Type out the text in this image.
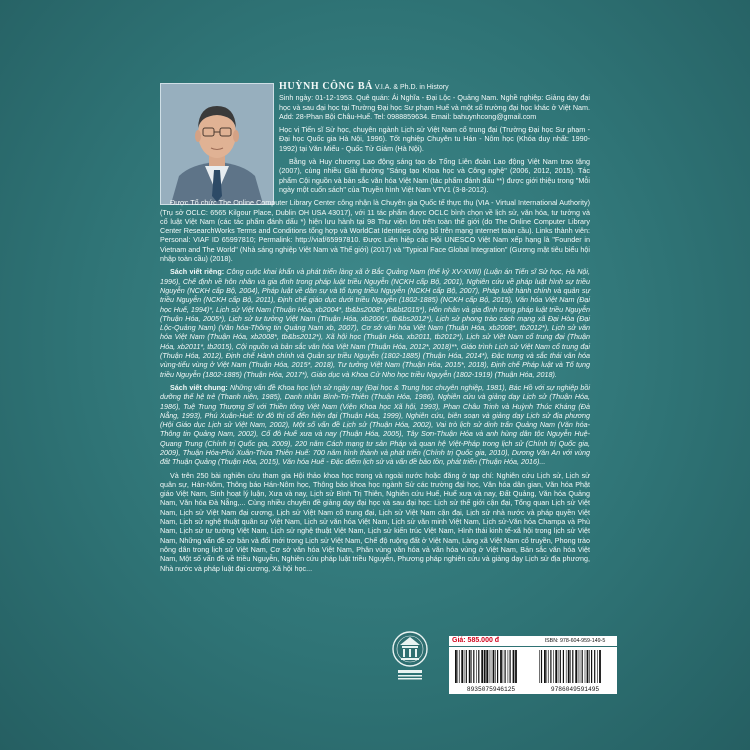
HUỲNH CÔNG BÁ V.I.A. & Ph.D. in History

Sinh ngày: 01-12-1953. Quê quán: Ái Nghĩa - Đại Lộc - Quảng Nam. Nghề nghiệp: Giảng dạy đại học và sau đại học tại Trường Đại học Sư phạm Huế và một số trường đại học khác ở Việt Nam. Add: 28-Phan Bội Châu-Huế. Tel: 0988859634. Email: bahuynhcong@gmail.com

Học vị Tiến sĩ Sử học, chuyên ngành Lịch sử Việt Nam cổ trung đại (Trường Đại học Sư phạm - Đại học Quốc gia Hà Nội, 1996). Tốt nghiệp Chuyên tu Hán - Nôm học (Khóa duy nhất: 1990-1992) tại Văn Miếu - Quốc Tử Giám (Hà Nội).

Bằng và Huy chương Lao động sáng tạo do Tổng Liên đoàn Lao động Việt Nam trao tặng (2007), cùng nhiều Giải thưởng "Sáng tạo Khoa học và Công nghệ" (2006, 2012, 2015). Tác phẩm Cội nguồn và bản sắc văn hóa Việt Nam (tác phẩm đánh dấu **) được giới thiệu trong "Mỗi ngày một cuốn sách" của Truyền hình Việt Nam VTV1 (3-8-2012).

Được Tổ chức The Online Computer Library Center công nhận là Chuyên gia Quốc tế thực thụ (VIA - Virtual International Authority) (Trụ sở OCLC: 6565 Kilgour Place, Dublin OH USA 43017), với 11 tác phẩm được OCLC bình chọn về lịch sử, văn hóa, tư tưởng và cổ luật Việt Nam (các tác phẩm đánh dấu *) hiện lưu hành tại 98 Thư viện lớn trên toàn thế giới (do The Online Computer Library Center ResearchWorks Terms and Conditions tổng hợp và WorldCat Identities công bố trên mạng internet toàn cầu). Links thành viên: Personal: VIAF ID 65997810; Permalink: http://viaf/65997810. Được Liên hiệp các Hội UNESCO Việt Nam xếp hạng là "Founder in Vietnam and The World" (Nhà sáng nghiệp Việt Nam và Thế giới) (2017) và "Typical Face Global Integration" (Gương mặt tiêu biểu hội nhập toàn cầu) (2018).

Sách viết riêng: Công cuộc khai khẩn và phát triển làng xã ở Bắc Quảng Nam (thế kỷ XV-XVIII) (Luận án Tiến sĩ Sử học, Hà Nội, 1996), Chế định về hôn nhân và gia đình trong pháp luật triều Nguyễn (NCKH cấp Bộ, 2001), Nghiên cứu về pháp luật hình sự triều Nguyễn (NCKH cấp Bộ, 2004), Pháp luật về dân sự và tố tụng triều Nguyễn (NCKH cấp Bộ, 2007), Pháp luật hành chính và quản sự triều Nguyễn (NCKH cấp Bộ, 2011), Định chế giáo dục dưới triều Nguyễn (1802-1885) (NCKH cấp Bộ, 2015), Văn hóa Việt Nam (Đại học Huế, 1994)*, Lịch sử Việt Nam (Thuận Hóa, xb2004*, tb&bs2008*, tb&bt2015*), Hôn nhân và gia đình trong pháp luật triều Nguyễn (Thuận Hóa, 2005*), Lịch sử tư tưởng Việt Nam (Thuận Hóa, xb2006*, tb&bs2012*), Lịch sử phong trào cách mạng xã Đại Hòa (Đại Lộc-Quảng Nam) (Văn hóa-Thông tin Quảng Nam xb, 2007), Cơ sở văn hóa Việt Nam (Thuận Hóa, xb2008*, tb2012*), Lịch sử văn hóa Việt Nam (Thuận Hóa, xb2008*, tb&bs2012*), Xã hội học (Thuận Hóa, xb2011, tb2012*), Lịch sử Việt Nam cổ trung đại (Thuận Hóa, xb2011*, tb2015), Cội nguồn và bản sắc văn hóa Việt Nam (Thuận Hóa, 2012*, 2018)**, Giáo trình Lịch sử Việt Nam cổ trung đại (Thuận Hóa, 2012), Định chế Hành chính và Quản sự triều Nguyễn (1802-1885) (Thuận Hóa, 2014*), Đặc trưng và sắc thái văn hóa vùng-tiểu vùng ở Việt Nam (Thuận Hóa, 2015*, 2018), Tư tưởng Việt Nam (Thuận Hóa, 2015*, 2018), Định chế Pháp luật và Tố tụng triều Nguyễn (1802-1885) (Thuận Hóa, 2017*), Giáo dục và Khoa Cử Nho học triều Nguyễn (1802-1919) (Thuận Hóa, 2018).

Sách viết chung: Những vấn đề Khoa học lịch sử ngày nay (Đại học & Trung học chuyên nghiệp, 1981), Bác Hồ với sự nghiệp bồi dưỡng thế hệ trẻ (Thanh niên, 1985), Danh nhân Bình-Trị-Thiên (Thuận Hóa, 1986), Nghiên cứu và giảng dạy Lịch sử (Thuận Hóa, 1986), Tuệ Trung Thượng Sĩ với Thiền tông Việt Nam (Viện Khoa học Xã hội, 1993), Phan Châu Trinh và Huỳnh Thúc Kháng (Đà Nẵng, 1993), Phú Xuân-Huế: từ đô thị cổ đến hiện đại (Thuận Hóa, 1999), Nghiên cứu, biên soạn và giảng dạy Lịch sử địa phương (Hội Giáo dục Lịch sử Việt Nam, 2002), Một số vấn đề Lịch sử (Thuận Hóa, 2002), Vai trò lịch sử dinh trấn Quảng Nam (Văn hóa-Thông tin Quảng Nam, 2002), Cố đô Huế xưa và nay (Thuận Hóa, 2005), Tây Sơn-Thuận Hóa và anh hùng dân tộc Nguyễn Huệ-Quang Trung (Chính trị Quốc gia, 2009), 220 năm Cách mạng tư sản Pháp và quan hệ Việt-Pháp trong lịch sử (Chính trị Quốc gia, 2009), Thuận Hóa-Phú Xuân-Thừa Thiên Huế: 700 năm hình thành và phát triển (Chính trị Quốc gia, 2010), Dương Văn An với vùng đất Thuận Quảng (Thuận Hóa, 2015), Văn hóa Huế - Đặc điểm lịch sử và vấn đề bảo tồn, phát triển (Thuận Hóa, 2016)...

Và trên 250 bài nghiên cứu tham gia Hội thảo khoa học trong và ngoài nước hoặc đăng ở tạp chí: Nghiên cứu Lịch sử, Lịch sử quân sự, Hán-Nôm, Thông báo Hán-Nôm học, Thông báo khoa học ngành Sử các trường đại học, Văn hóa dân gian, Văn hóa Phật giáo Việt Nam, Sinh hoạt lý luận, Xưa và nay, Lịch sử Bình Trị Thiên, Nghiên cứu Huế, Huế xưa và nay, Đất Quảng, Văn hóa Quảng Nam, Văn hóa Đà Nẵng,... Cùng nhiều chuyên đề giảng dạy đại học và sau đại học: Lịch sử thế giới cận đại, Tổng quan Lịch sử Việt Nam, Lịch sử Việt Nam đại cương, Lịch sử Việt Nam cổ trung đại, Lịch sử Việt Nam cận đại, Lịch sử nhà nước và pháp quyền Việt Nam, Lịch sử nghệ thuật quân sự Việt Nam, Lịch sử văn hóa Việt Nam, Lịch sử văn minh Việt Nam, Lịch sử-Văn hóa Champa và Phù Nam, Lịch sử tư tưởng Việt Nam, Lịch sử nghệ thuật Việt Nam, Lịch sử kiến trúc Việt Nam, Hình thái kinh tế-xã hội trong lịch sử Việt Nam, Những vấn đề cơ bản và đổi mới trong Lịch sử Việt Nam, Chế độ ruộng đất ở Việt Nam, Làng xã Việt Nam cổ truyền, Phong trào nông dân trong lịch sử Việt Nam, Cơ sở văn hóa Việt Nam, Phân vùng văn hóa và văn hóa vùng ở Việt Nam, Bản sắc văn hóa Việt Nam, Một số vấn đề về triều Nguyễn, Nghiên cứu pháp luật triều Nguyễn, Phương pháp nghiên cứu và giảng dạy Lịch sử địa phương, Nhà nước và pháp luật đại cương, Xã hội học...

Giá: 585.000 đ	ISBN: 978-604-959-149-5
8935075946125	9786049591495
